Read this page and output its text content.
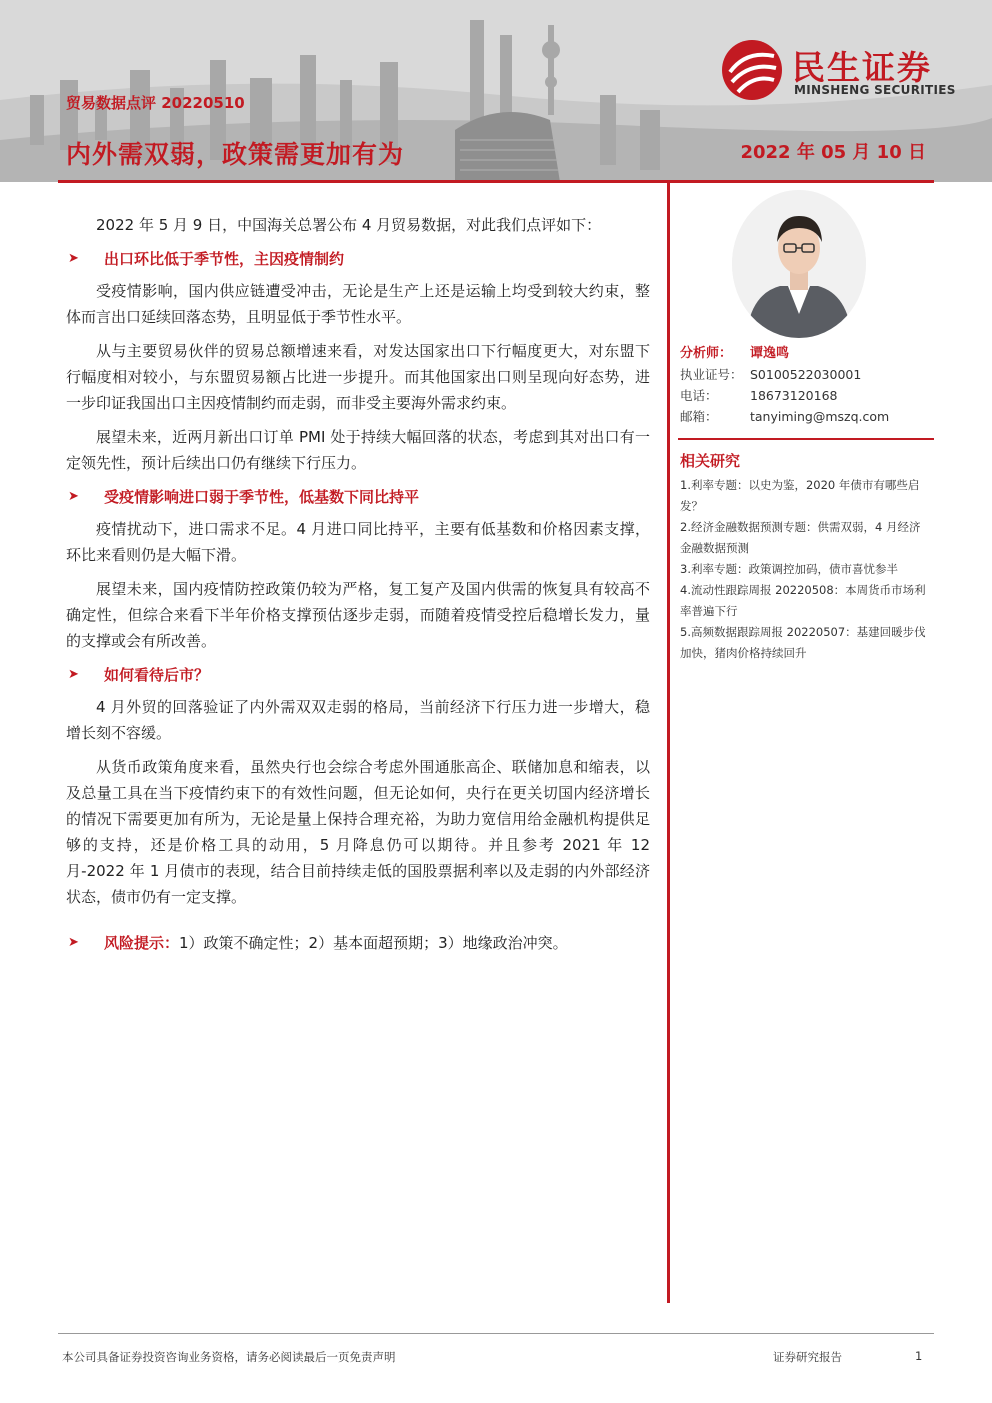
贸易数据点评 20220510
内外需双弱，政策需更加有为	2022 年 05 月 10 日
民生证券
MINSHENG SECURITIES

2022 年 5 月 9 日，中国海关总署公布 4 月贸易数据，对此我们点评如下：

➤ 出口环比低于季节性，主因疫情制约

受疫情影响，国内供应链遭受冲击，无论是生产上还是运输上均受到较大约束，整体而言出口延续回落态势，且明显低于季节性水平。

从与主要贸易伙伴的贸易总额增速来看，对发达国家出口下行幅度更大，对东盟下行幅度相对较小，与东盟贸易额占比进一步提升。而其他国家出口则呈现向好态势，进一步印证我国出口主因疫情制约而走弱，而非受主要海外需求约束。

展望未来，近两月新出口订单 PMI 处于持续大幅回落的状态，考虑到其对出口有一定领先性，预计后续出口仍有继续下行压力。

➤ 受疫情影响进口弱于季节性，低基数下同比持平

疫情扰动下，进口需求不足。4 月进口同比持平，主要有低基数和价格因素支撑，环比来看则仍是大幅下滑。

展望未来，国内疫情防控政策仍较为严格，复工复产及国内供需的恢复具有较高不确定性，但综合来看下半年价格支撑预估逐步走弱，而随着疫情受控后稳增长发力，量的支撑或会有所改善。

➤ 如何看待后市？

4 月外贸的回落验证了内外需双双走弱的格局，当前经济下行压力进一步增大，稳增长刻不容缓。

从货币政策角度来看，虽然央行也会综合考虑外围通胀高企、联储加息和缩表，以及总量工具在当下疫情约束下的有效性问题，但无论如何，央行在更关切国内经济增长的情况下需要更加有所为，无论是量上保持合理充裕，为助力宽信用给金融机构提供足够的支持，还是价格工具的动用，5 月降息仍可以期待。并且参考 2021 年 12 月-2022 年 1 月债市的表现，结合目前持续走低的国股票据利率以及走弱的内外部经济状态，债市仍有一定支撑。

➤ 风险提示：1）政策不确定性；2）基本面超预期；3）地缘政治冲突。
分析师： 谭逸鸣
执业证号： S0100522030001
电话：	18673120168
邮箱：	tanyiming@mszq.com
相关研究

1.利率专题：以史为鉴，2020 年债市有哪些启发？

2.经济金融数据预测专题：供需双弱，4 月经济金融数据预测

3.利率专题：政策调控加码，债市喜忧参半

4.流动性跟踪周报 20220508：本周货币市场利率普遍下行

5.高频数据跟踪周报 20220507：基建回暖步伐加快，猪肉价格持续回升

本公司具备证券投资咨询业务资格，请务必阅读最后一页免责声明	证券研究报告	1
